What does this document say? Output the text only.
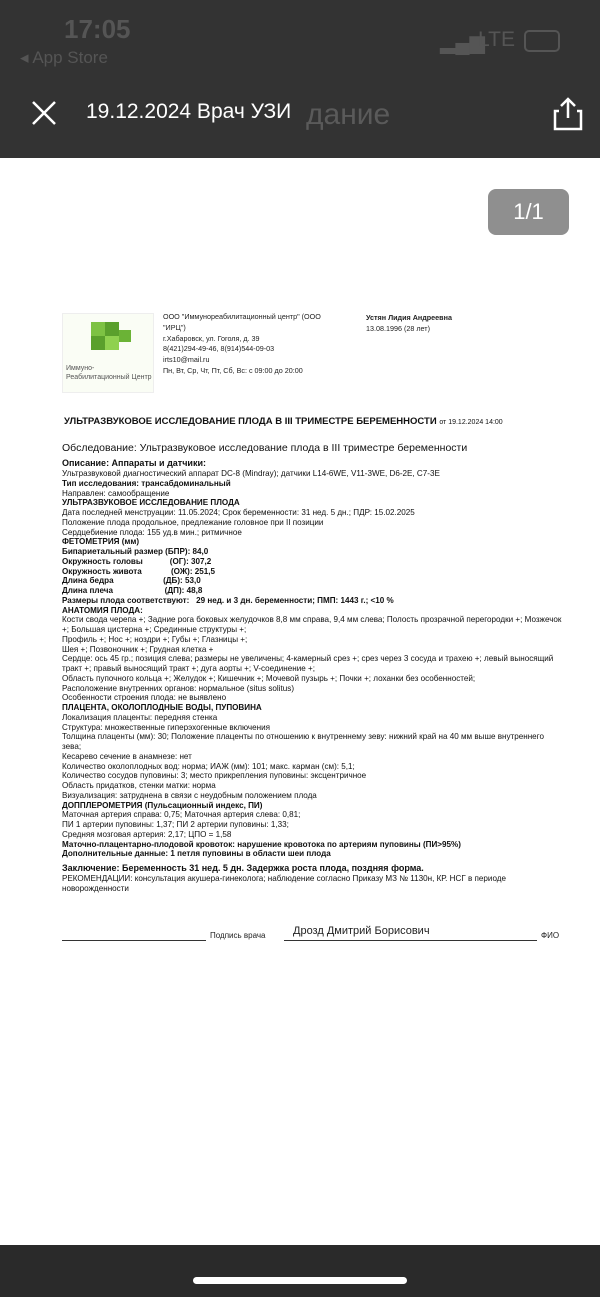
17:05
◂ App Store
▂▄▆
LTE
дание
19.12.2024 Врач УЗИ
1/1
Иммуно-Реабилитационный Центр
ООО "Иммунореабилитационный центр" (ООО
"ИРЦ")
г.Хабаровск, ул. Гоголя, д. 39
8(421)294-49-46, 8(914)544-09-03
irts10@mail.ru
Пн, Вт, Ср, Чт, Пт, Сб, Вс: с 09:00 до 20:00
Устян Лидия Андреевна
13.08.1996 (28 лет)
УЛЬТРАЗВУКОВОЕ ИССЛЕДОВАНИЕ ПЛОДА В III ТРИМЕСТРЕ БЕРЕМЕННОСТИ от 19.12.2024 14:00
Обследование: Ультразвуковое исследование плода в III триместре беременности
Описание: Аппараты и датчики:
Ультразвуковой диагностический аппарат DC-8 (Mindray); датчики L14-6WE, V11-3WE, D6-2E, C7-3E
Тип исследования: трансабдоминальный
Направлен: самообращение
УЛЬТРАЗВУКОВОЕ ИССЛЕДОВАНИЕ ПЛОДА
Дата последней менструации: 11.05.2024; Срок беременности: 31 нед. 5 дн.; ПДР: 15.02.2025
Положение плода продольное, предлежание головное при II позиции
Сердцебиение плода: 155 уд.в мин.; ритмичное
ФЕТОМЕТРИЯ (мм)
Бипариетальный размер (БПР): 84,0
Окружность головы            (ОГ): 307,2
Окружность живота             (ОЖ): 251,5
Длина бедра                      (ДБ): 53,0
Длина плеча                       (ДП): 48,8
Размеры плода соответствуют:   29 нед. и 3 дн. беременности; ПМП: 1443 г.; <10 %
АНАТОМИЯ ПЛОДА:
Кости свода черепа +; Задние рога боковых желудочков 8,8 мм справа, 9,4 мм слева; Полость прозрачной перегородки +; Мозжечок +; Большая цистерна +; Срединные структуры +;
Профиль +; Нос +; ноздри +; Губы +; Глазницы +;
Шея +; Позвоночник +; Грудная клетка +
Сердце: ось 45 гр.; позиция слева; размеры не увеличены; 4-камерный срез +; срез через 3 сосуда и трахею +; левый выносящий тракт +; правый выносящий тракт +; дуга аорты +; V-соединение +;
Область пупочного кольца +; Желудок +; Кишечник +; Мочевой пузырь +; Почки +; лоханки без особенностей;
Расположение внутренних органов: нормальное (situs solitus)
Особенности строения плода: не выявлено
ПЛАЦЕНТА, ОКОЛОПЛОДНЫЕ ВОДЫ, ПУПОВИНА
Локализация плаценты: передняя стенка
Структура: множественные гиперэхогенные включения
Толщина плаценты (мм): 30; Положение плаценты по отношению к внутреннему зеву: нижний край на 40 мм выше внутреннего зева;
Кесарево сечение в анамнезе: нет
Количество околоплодных вод: норма; ИАЖ (мм): 101; макс. карман (см): 5,1;
Количество сосудов пуповины: 3; место прикрепления пуповины: эксцентричное
Область придатков, стенки матки: норма
Визуализация: затруднена в связи с неудобным положением плода
ДОППЛЕРОМЕТРИЯ (Пульсационный индекс, ПИ)
Маточная артерия справа: 0,75; Маточная артерия слева: 0,81;
ПИ 1 артерии пуповины: 1,37; ПИ 2 артерии пуповины: 1,33;
Средняя мозговая артерия: 2,17; ЦПО = 1,58
Маточно-плацентарно-плодовой кровоток: нарушение кровотока по артериям пуповины (ПИ>95%)
Дополнительные данные: 1 петля пуповины в области шеи плода
Заключение: Беременность 31 нед. 5 дн. Задержка роста плода, поздняя форма.
РЕКОМЕНДАЦИИ: консультация акушера-гинеколога; наблюдение согласно Приказу МЗ № 1130н, КР. НСГ в периоде новорожденности
Подпись врача	Дрозд Дмитрий Борисович	ФИО
